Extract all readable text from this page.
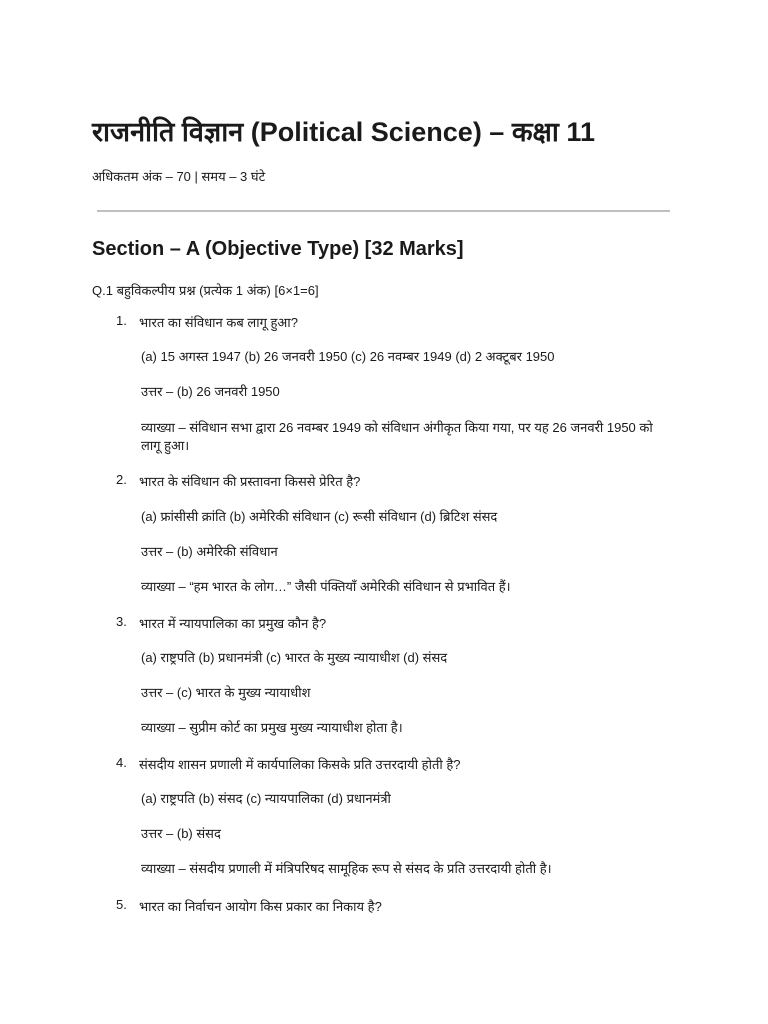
राजनीति विज्ञान (Political Science) – कक्षा 11
अधिकतम अंक – 70 | समय – 3 घंटे
Section – A (Objective Type) [32 Marks]
Q.1 बहुविकल्पीय प्रश्न (प्रत्येक 1 अंक) [6×1=6]
1. भारत का संविधान कब लागू हुआ?
(a) 15 अगस्त 1947 (b) 26 जनवरी 1950 (c) 26 नवम्बर 1949 (d) 2 अक्टूबर 1950
उत्तर – (b) 26 जनवरी 1950
व्याख्या – संविधान सभा द्वारा 26 नवम्बर 1949 को संविधान अंगीकृत किया गया, पर यह 26 जनवरी 1950 को लागू हुआ।
2. भारत के संविधान की प्रस्तावना किससे प्रेरित है?
(a) फ्रांसीसी क्रांति (b) अमेरिकी संविधान (c) रूसी संविधान (d) ब्रिटिश संसद
उत्तर – (b) अमेरिकी संविधान
व्याख्या – “हम भारत के लोग…” जैसी पंक्तियाँ अमेरिकी संविधान से प्रभावित हैं।
3. भारत में न्यायपालिका का प्रमुख कौन है?
(a) राष्ट्रपति (b) प्रधानमंत्री (c) भारत के मुख्य न्यायाधीश (d) संसद
उत्तर – (c) भारत के मुख्य न्यायाधीश
व्याख्या – सुप्रीम कोर्ट का प्रमुख मुख्य न्यायाधीश होता है।
4. संसदीय शासन प्रणाली में कार्यपालिका किसके प्रति उत्तरदायी होती है?
(a) राष्ट्रपति (b) संसद (c) न्यायपालिका (d) प्रधानमंत्री
उत्तर – (b) संसद
व्याख्या – संसदीय प्रणाली में मंत्रिपरिषद सामूहिक रूप से संसद के प्रति उत्तरदायी होती है।
5. भारत का निर्वाचन आयोग किस प्रकार का निकाय है?
